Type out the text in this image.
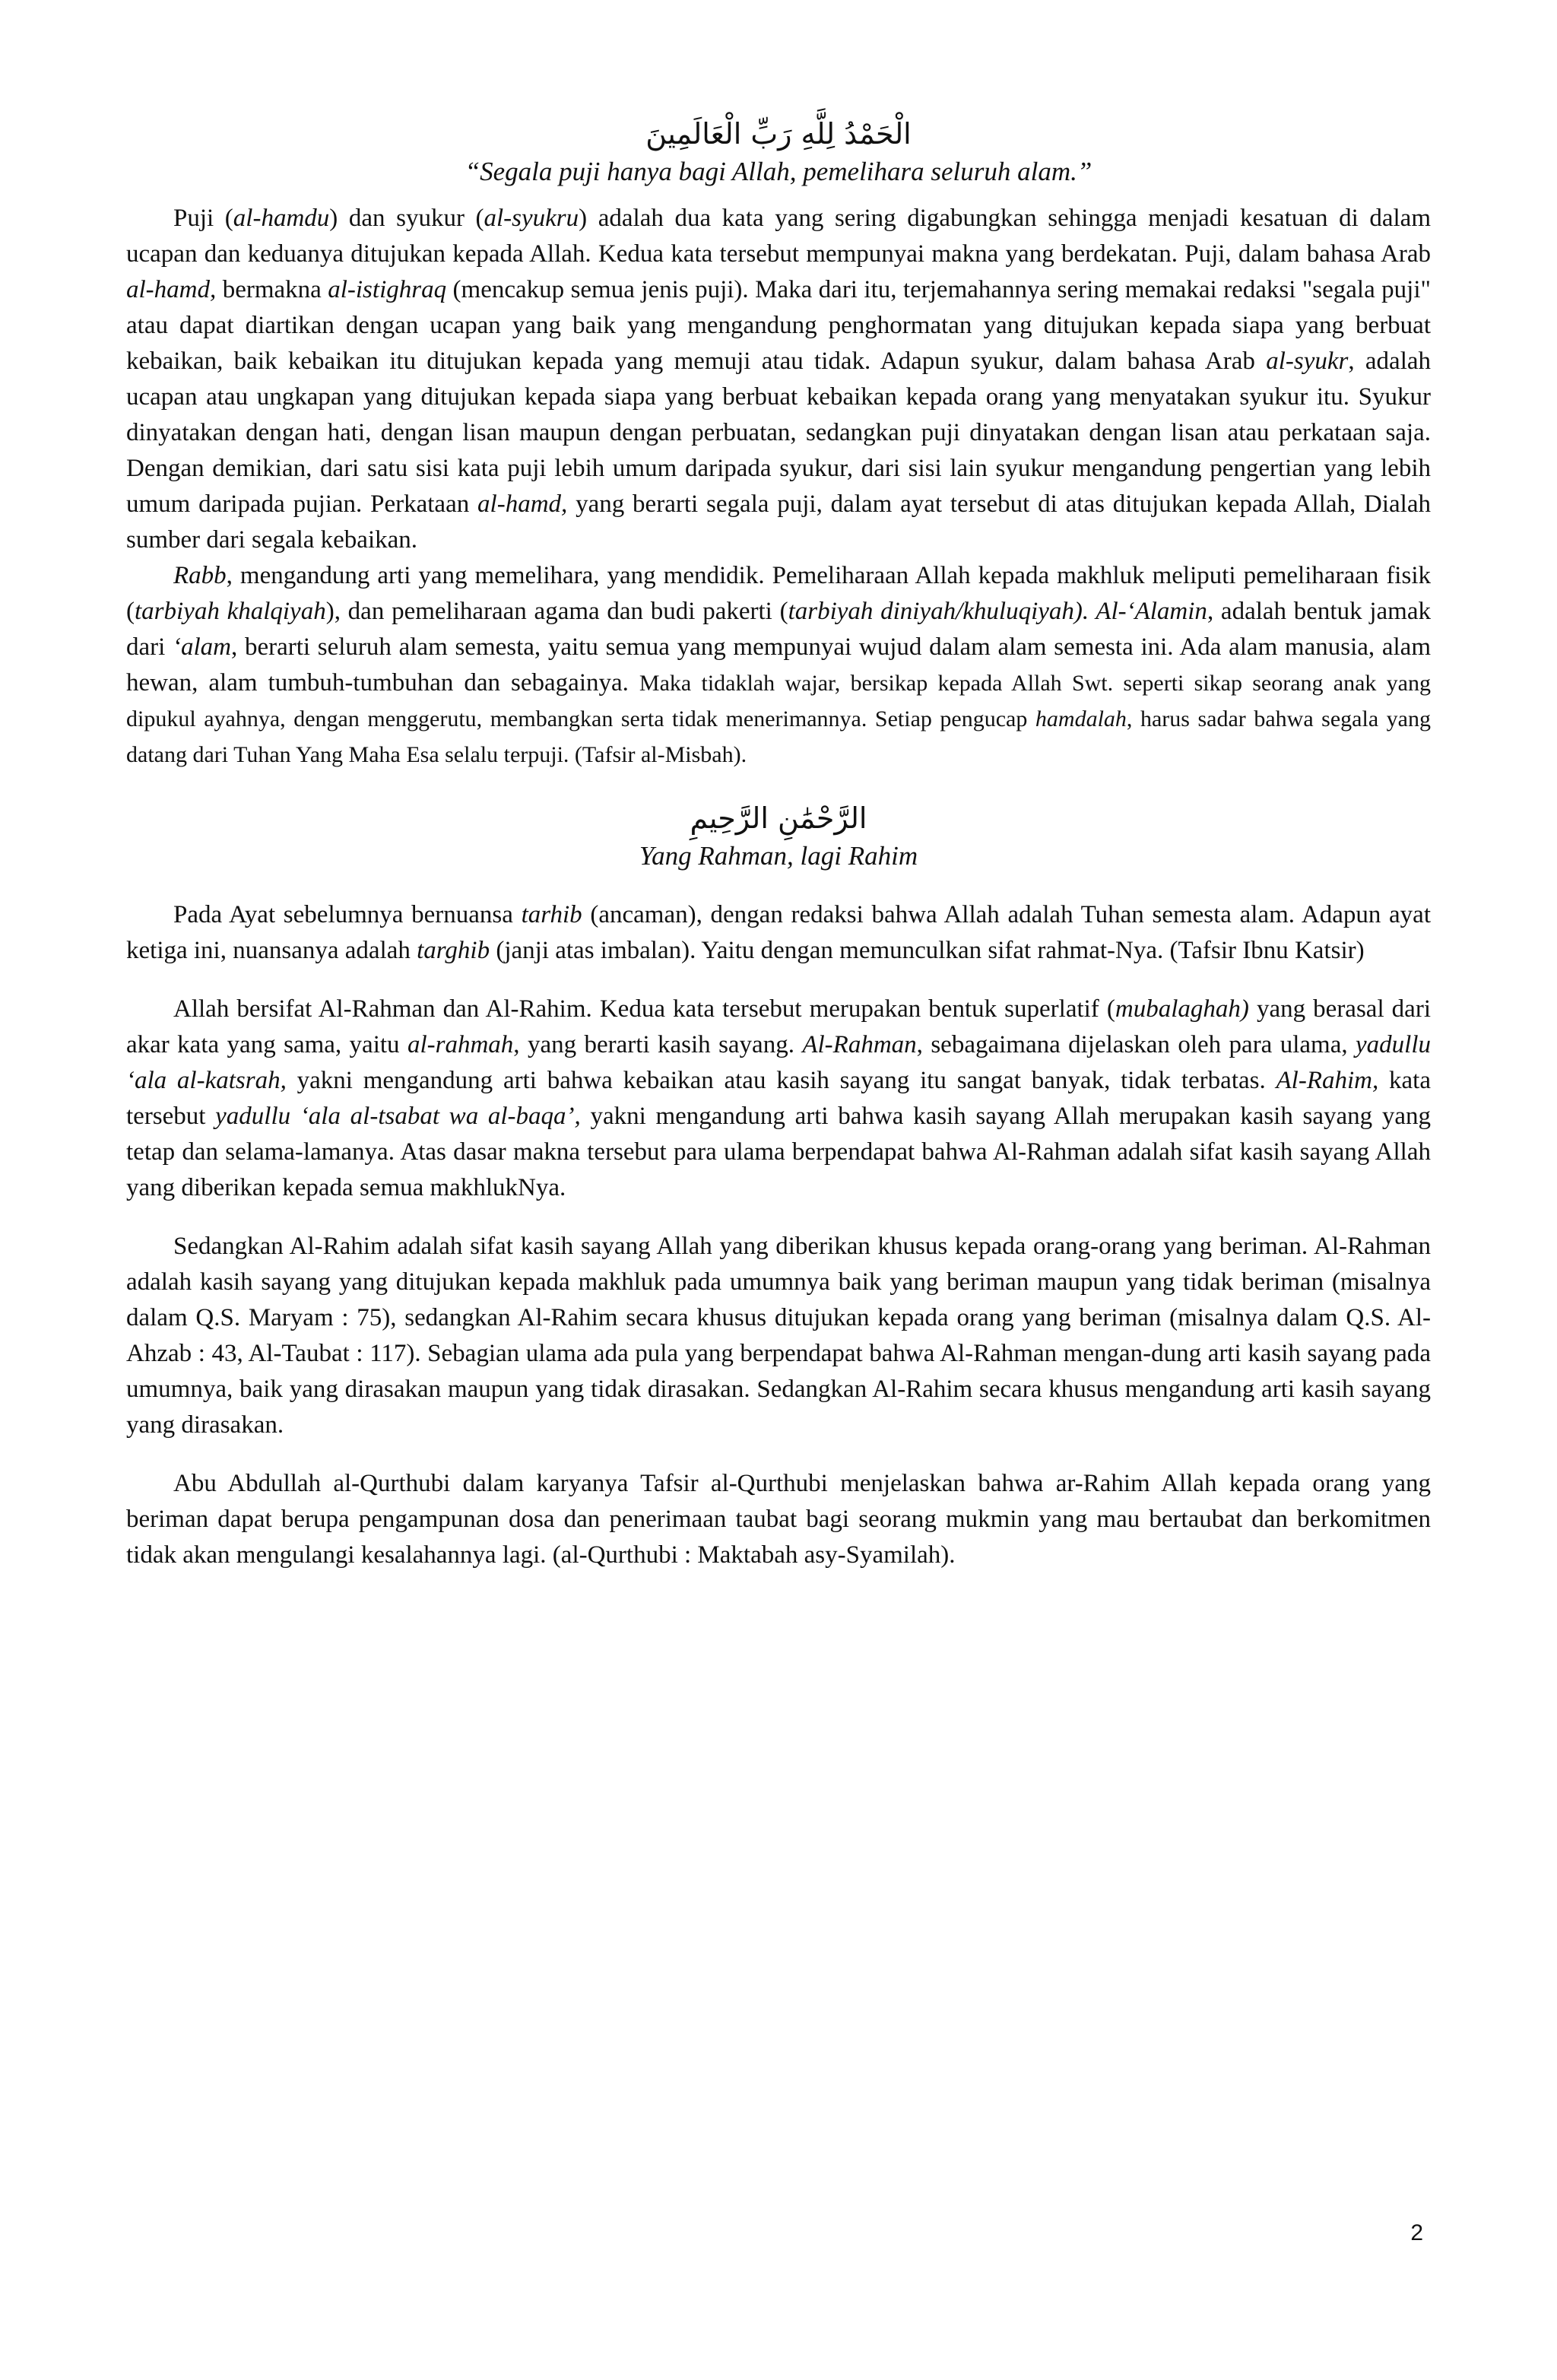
الْحَمْدُ لِلَّهِ رَبِّ الْعَالَمِينَ
“Segala puji hanya bagi Allah, pemelihara seluruh alam.”

Puji (al-hamdu) dan syukur (al-syukru) adalah dua kata yang sering digabungkan sehingga menjadi kesatuan di dalam ucapan dan keduanya ditujukan kepada Allah. Kedua kata tersebut mempunyai makna yang berdekatan. Puji, dalam bahasa Arab al-hamd, bermakna al-istighraq (mencakup semua jenis puji). Maka dari itu, terjemahannya sering memakai redaksi "segala puji" atau dapat diartikan dengan ucapan yang baik yang mengandung penghormatan yang ditujukan kepada siapa yang berbuat kebaikan, baik kebaikan itu ditujukan kepada yang memuji atau tidak. Adapun syukur, dalam bahasa Arab al-syukr, adalah ucapan atau ungkapan yang ditujukan kepada siapa yang berbuat kebaikan kepada orang yang menyatakan syukur itu. Syukur dinyatakan dengan hati, dengan lisan maupun dengan perbuatan, sedangkan puji dinyatakan dengan lisan atau perkataan saja. Dengan demikian, dari satu sisi kata puji lebih umum daripada syukur, dari sisi lain syukur mengandung pengertian yang lebih umum daripada pujian. Perkataan al-hamd, yang berarti segala puji, dalam ayat tersebut di atas ditujukan kepada Allah, Dialah sumber dari segala kebaikan.

Rabb, mengandung arti yang memelihara, yang mendidik. Pemeliharaan Allah kepada makhluk meliputi pemeliharaan fisik (tarbiyah khalqiyah), dan pemeliharaan agama dan budi pakerti (tarbiyah diniyah/khuluqiyah). Al-‘Alamin, adalah bentuk jamak dari ‘alam, berarti seluruh alam semesta, yaitu semua yang mempunyai wujud dalam alam semesta ini. Ada alam manusia, alam hewan, alam tumbuh-tumbuhan dan sebagainya. Maka tidaklah wajar, bersikap kepada Allah Swt. seperti sikap seorang anak yang dipukul ayahnya, dengan menggerutu, membangkan serta tidak menerimannya. Setiap pengucap hamdalah, harus sadar bahwa segala yang datang dari Tuhan Yang Maha Esa selalu terpuji. (Tafsir al-Misbah).

الرَّحْمَٰنِ الرَّحِيمِ
Yang Rahman, lagi Rahim

Pada Ayat sebelumnya bernuansa tarhib (ancaman), dengan redaksi bahwa Allah adalah Tuhan semesta alam. Adapun ayat ketiga ini, nuansanya adalah targhib (janji atas imbalan). Yaitu dengan memunculkan sifat rahmat-Nya. (Tafsir Ibnu Katsir)

Allah bersifat Al-Rahman dan Al-Rahim. Kedua kata tersebut merupakan bentuk superlatif (mubalaghah) yang berasal dari akar kata yang sama, yaitu al-rahmah, yang berarti kasih sayang. Al-Rahman, sebagaimana dijelaskan oleh para ulama, yadullu ‘ala al-katsrah, yakni mengandung arti bahwa kebaikan atau kasih sayang itu sangat banyak, tidak terbatas. Al-Rahim, kata tersebut yadullu ‘ala al-tsabat wa al-baqa’, yakni mengandung arti bahwa kasih sayang Allah merupakan kasih sayang yang tetap dan selama-lamanya. Atas dasar makna tersebut para ulama berpendapat bahwa Al-Rahman adalah sifat kasih sayang Allah yang diberikan kepada semua makhlukNya.

Sedangkan Al-Rahim adalah sifat kasih sayang Allah yang diberikan khusus kepada orang-orang yang beriman. Al-Rahman adalah kasih sayang yang ditujukan kepada makhluk pada umumnya baik yang beriman maupun yang tidak beriman (misalnya dalam Q.S. Maryam : 75), sedangkan Al-Rahim secara khusus ditujukan kepada orang yang beriman (misalnya dalam Q.S. Al-Ahzab : 43, Al-Taubat : 117). Sebagian ulama ada pula yang berpendapat bahwa Al-Rahman mengan-dung arti kasih sayang pada umumnya, baik yang dirasakan maupun yang tidak dirasakan. Sedangkan Al-Rahim secara khusus mengandung arti kasih sayang yang dirasakan.

Abu Abdullah al-Qurthubi dalam karyanya Tafsir al-Qurthubi menjelaskan bahwa ar-Rahim Allah kepada orang yang beriman dapat berupa pengampunan dosa dan penerimaan taubat bagi seorang mukmin yang mau bertaubat dan berkomitmen tidak akan mengulangi kesalahannya lagi. (al-Qurthubi : Maktabah asy-Syamilah).

2
